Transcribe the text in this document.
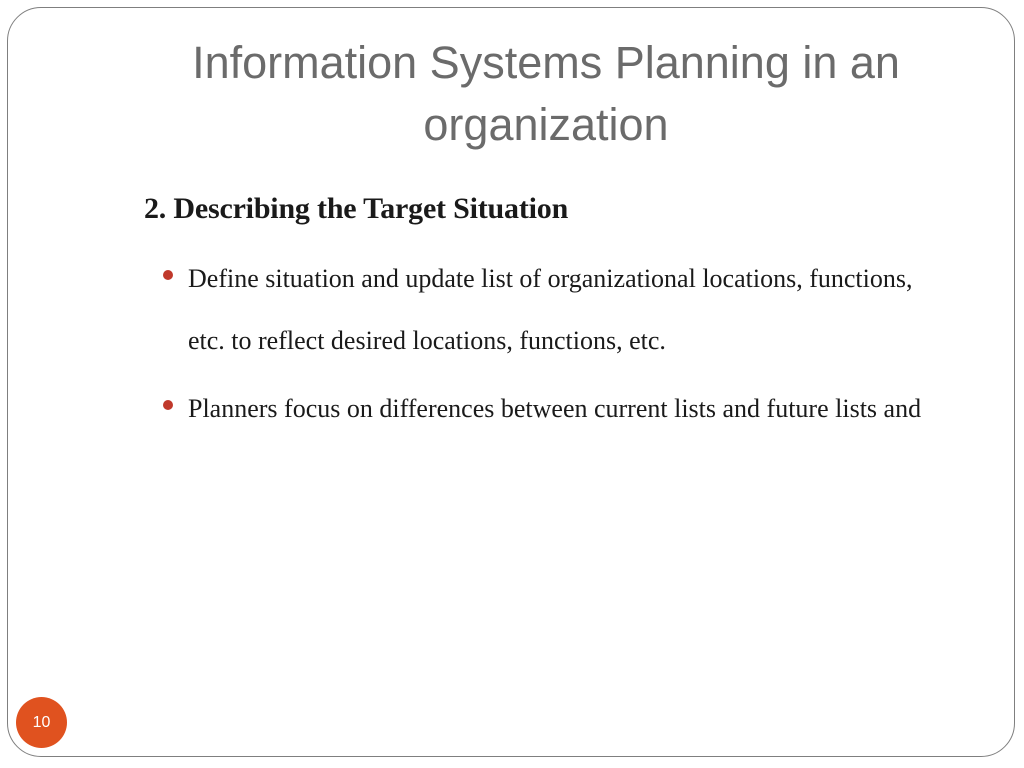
Information Systems Planning in an organization
2. Describing the Target Situation
Define situation and update list of organizational locations, functions, etc. to reflect desired locations, functions, etc.
Planners focus on differences between current lists and future lists and
10
